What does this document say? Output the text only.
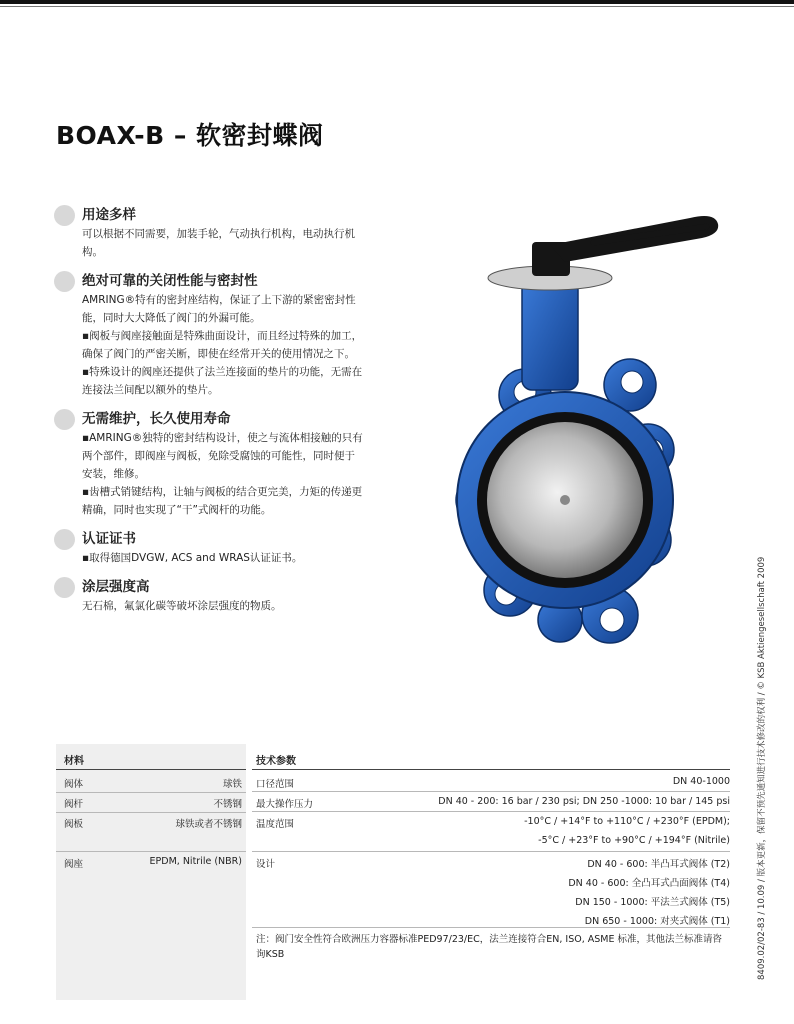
BOAX-B – 软密封蝶阀
用途多样
可以根据不同需要，加装手轮，气动执行机构，电动执行机
构。
绝对可靠的关闭性能与密封性
AMRING®特有的密封座结构，保证了上下游的紧密密封性
能，同时大大降低了阀门的外漏可能。
▪阀板与阀座接触面是特殊曲面设计，而且经过特殊的加工，
确保了阀门的严密关断，即使在经常开关的使用情况之下。
▪特殊设计的阀座还提供了法兰连接面的垫片的功能，无需在
连接法兰间配以额外的垫片。
无需维护，长久使用寿命
▪AMRING®独特的密封结构设计，使之与流体相接触的只有
两个部件，即阀座与阀板，免除受腐蚀的可能性，同时便于
安装，维修。
▪齿槽式销键结构，让轴与阀板的结合更完美，力矩的传递更
精确，同时也实现了“干”式阀杆的功能。
认证证书
▪取得德国DVGW, ACS and WRAS认证证书。
涂层强度高
无石棉，氟氯化碳等破坏涂层强度的物质。	8409.02/02-83 / 10.09 / 版本更新，保留不预先通知进行技术修改的权利 / © KSB Aktiengesellschaft 2009
材料	技术参数
阀体	球铁
阀杆	不锈钢
阀板	球铁或者不锈钢
阀座	EPDM, Nitrile (NBR)
口径范围	DN 40-1000
最大操作压力	DN 40 - 200: 16 bar / 230 psi; DN 250 -1000: 10 bar / 145 psi
温度范围	-10°C / +14°F to +110°C / +230°F (EPDM);
-5°C / +23°F to +90°C / +194°F (Nitrile)
设计	DN 40 - 600: 半凸耳式阀体 (T2)
DN 40 - 600: 全凸耳式凸面阀体 (T4)
DN 150 - 1000: 平法兰式阀体 (T5)
DN 650 - 1000: 对夹式阀体 (T1)
注：阀门安全性符合欧洲压力容器标准PED97/23/EC，法兰连接符合EN, ISO, ASME 标准，其他法兰标准请咨询KSB
